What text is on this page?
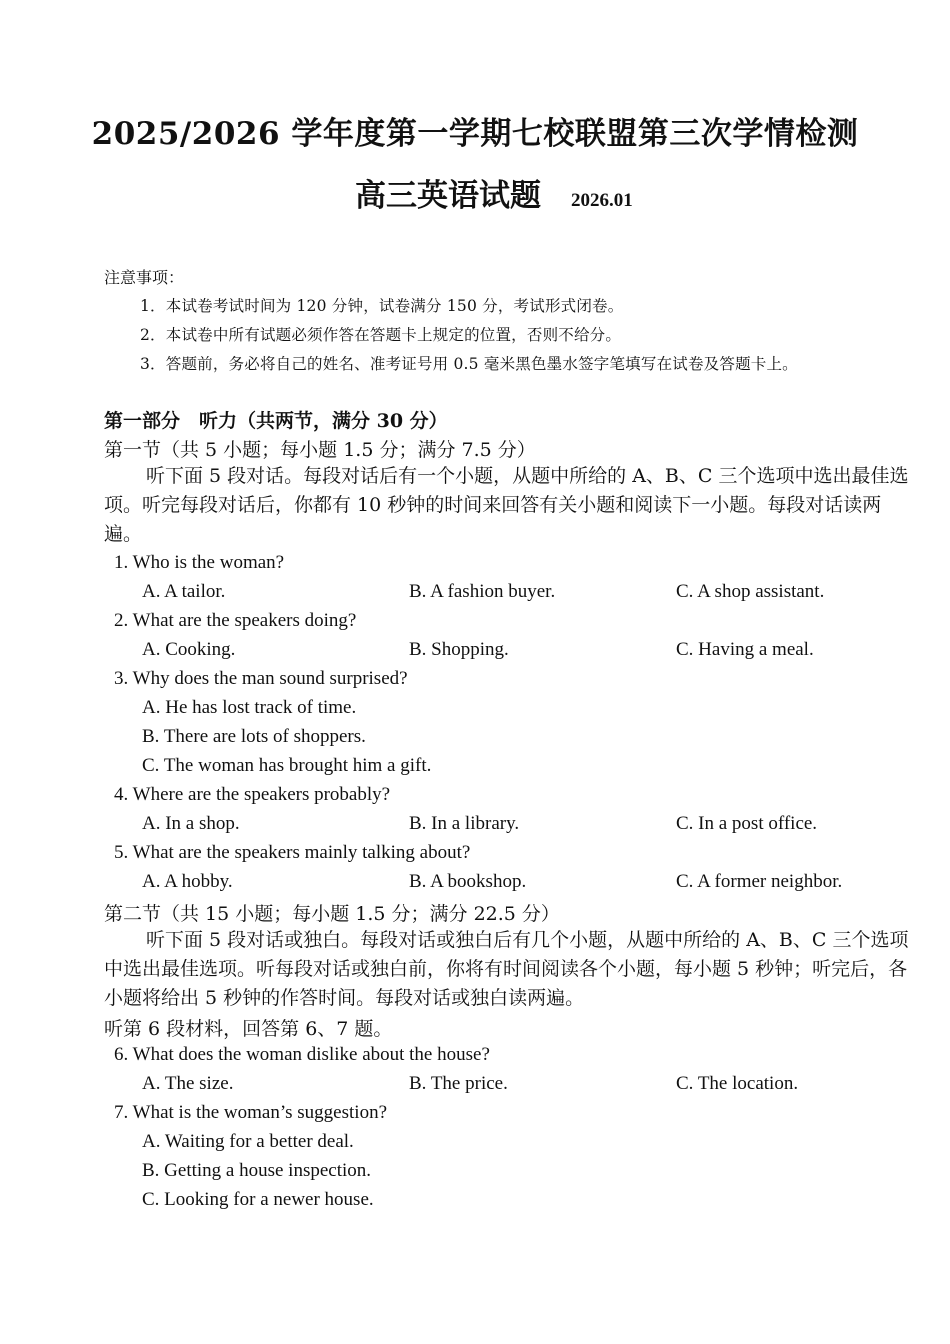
2025/2026 学年度第一学期七校联盟第三次学情检测
高三英语试题 2026.01
注意事项：
1．本试卷考试时间为 120 分钟，试卷满分 150 分，考试形式闭卷。
2．本试卷中所有试题必须作答在答题卡上规定的位置，否则不给分。
3．答题前，务必将自己的姓名、准考证号用 0.5 毫米黑色墨水签字笔填写在试卷及答题卡上。
第一部分　听力（共两节，满分 30 分）
第一节（共 5 小题；每小题 1.5 分；满分 7.5 分）
听下面 5 段对话。每段对话后有一个小题，从题中所给的 A、B、C 三个选项中选出最佳选项。听完每段对话后，你都有 10 秒钟的时间来回答有关小题和阅读下一小题。每段对话读两遍。
1. Who is the woman?
A. A tailor.	B. A fashion buyer.	C. A shop assistant.
2. What are the speakers doing?
A. Cooking.	B. Shopping.	C. Having a meal.
3. Why does the man sound surprised?
A. He has lost track of time.
B. There are lots of shoppers.
C. The woman has brought him a gift.
4. Where are the speakers probably?
A. In a shop.	B. In a library.	C. In a post office.
5. What are the speakers mainly talking about?
A. A hobby.	B. A bookshop.	C. A former neighbor.
第二节（共 15 小题；每小题 1.5 分；满分 22.5 分）
听下面 5 段对话或独白。每段对话或独白后有几个小题，从题中所给的 A、B、C 三个选项中选出最佳选项。听每段对话或独白前，你将有时间阅读各个小题，每小题 5 秒钟；听完后，各小题将给出 5 秒钟的作答时间。每段对话或独白读两遍。
听第 6 段材料，回答第 6、7 题。
6. What does the woman dislike about the house?
A. The size.	B. The price.	C. The location.
7. What is the woman’s suggestion?
A. Waiting for a better deal.
B. Getting a house inspection.
C. Looking for a newer house.
